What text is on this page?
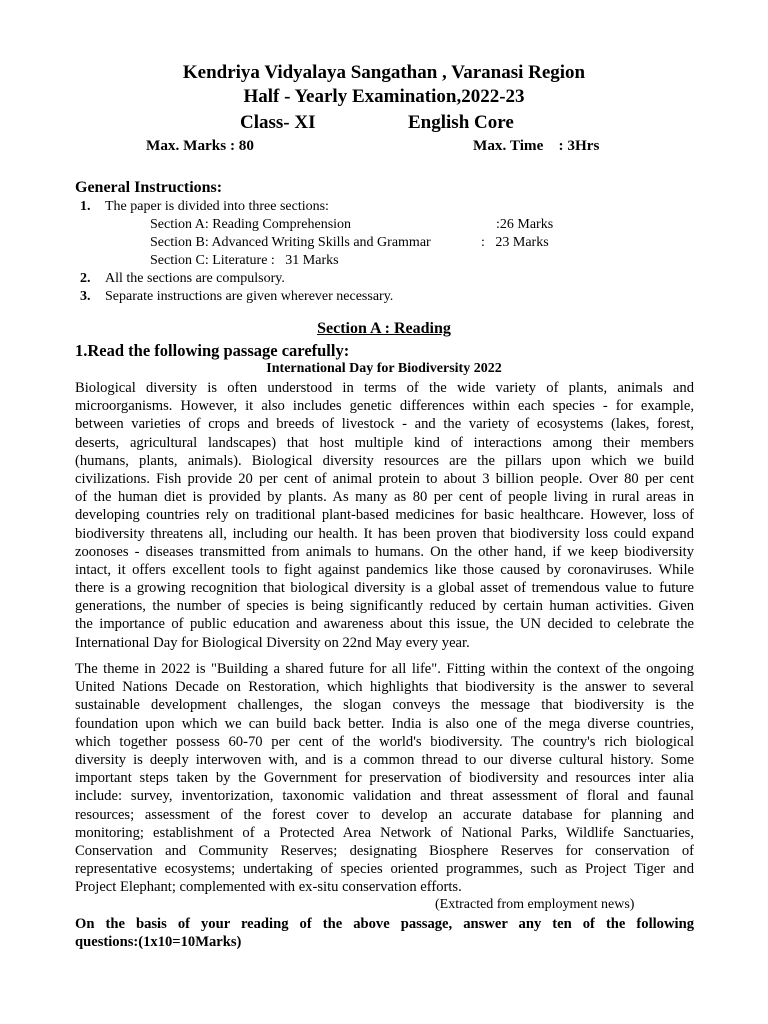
Kendriya Vidyalaya Sangathan , Varanasi Region
Half - Yearly Examination,2022-23
Class- XI	English Core
Max. Marks : 80	Max. Time    : 3Hrs
General Instructions:
1. The paper is divided into three sections:
Section A: Reading Comprehension	:26 Marks
Section B: Advanced Writing Skills and Grammar	:   23 Marks
Section C: Literature :   31 Marks
2. All the sections are compulsory.
3. Separate instructions are given wherever necessary.
Section A : Reading
1.Read the following passage carefully:
International Day for Biodiversity 2022
Biological diversity is often understood in terms of the wide variety of plants, animals and
microorganisms. However, it also includes genetic differences within each species - for example,
between varieties of crops and breeds of livestock - and the variety of ecosystems (lakes, forest,
deserts, agricultural landscapes) that host multiple kind of interactions among their members
(humans, plants, animals). Biological diversity resources are the pillars upon which we build
civilizations. Fish provide 20 per cent of animal protein to about 3 billion people. Over 80 per cent
of the human diet is provided by plants. As many as 80 per cent of people living in rural areas in
developing countries rely on traditional plant-based medicines for basic healthcare. However, loss of
biodiversity threatens all, including our health. It has been proven that biodiversity loss could expand
zoonoses - diseases transmitted from animals to humans. On the other hand, if we keep biodiversity
intact, it offers excellent tools to fight against pandemics like those caused by coronaviruses. While
there is a growing recognition that biological diversity is a global asset of tremendous value to future
generations, the number of species is being significantly reduced by certain human activities. Given
the importance of public education and awareness about this issue, the UN decided to celebrate the
International Day for Biological Diversity on 22nd May every year.
The theme in 2022 is "Building a shared future for all life". Fitting within the context of the ongoing
United Nations Decade on Restoration, which highlights that biodiversity is the answer to several
sustainable development challenges, the slogan conveys the message that biodiversity is the
foundation upon which we can build back better. India is also one of the mega diverse countries,
which together possess 60-70 per cent of the world's biodiversity. The country's rich biological
diversity is deeply interwoven with, and is a common thread to our diverse cultural history. Some
important steps taken by the Government for preservation of biodiversity and resources inter alia
include: survey, inventorization, taxonomic validation and threat assessment of floral and faunal
resources; assessment of the forest cover to develop an accurate database for planning and
monitoring; establishment of a Protected Area Network of National Parks, Wildlife Sanctuaries,
Conservation and Community Reserves; designating Biosphere Reserves for conservation of
representative ecosystems; undertaking of species oriented programmes, such as Project Tiger and
Project Elephant; complemented with ex-situ conservation efforts.
(Extracted from employment news)
On the basis of your reading of the above passage, answer any ten of the following
questions:(1x10=10Marks)
